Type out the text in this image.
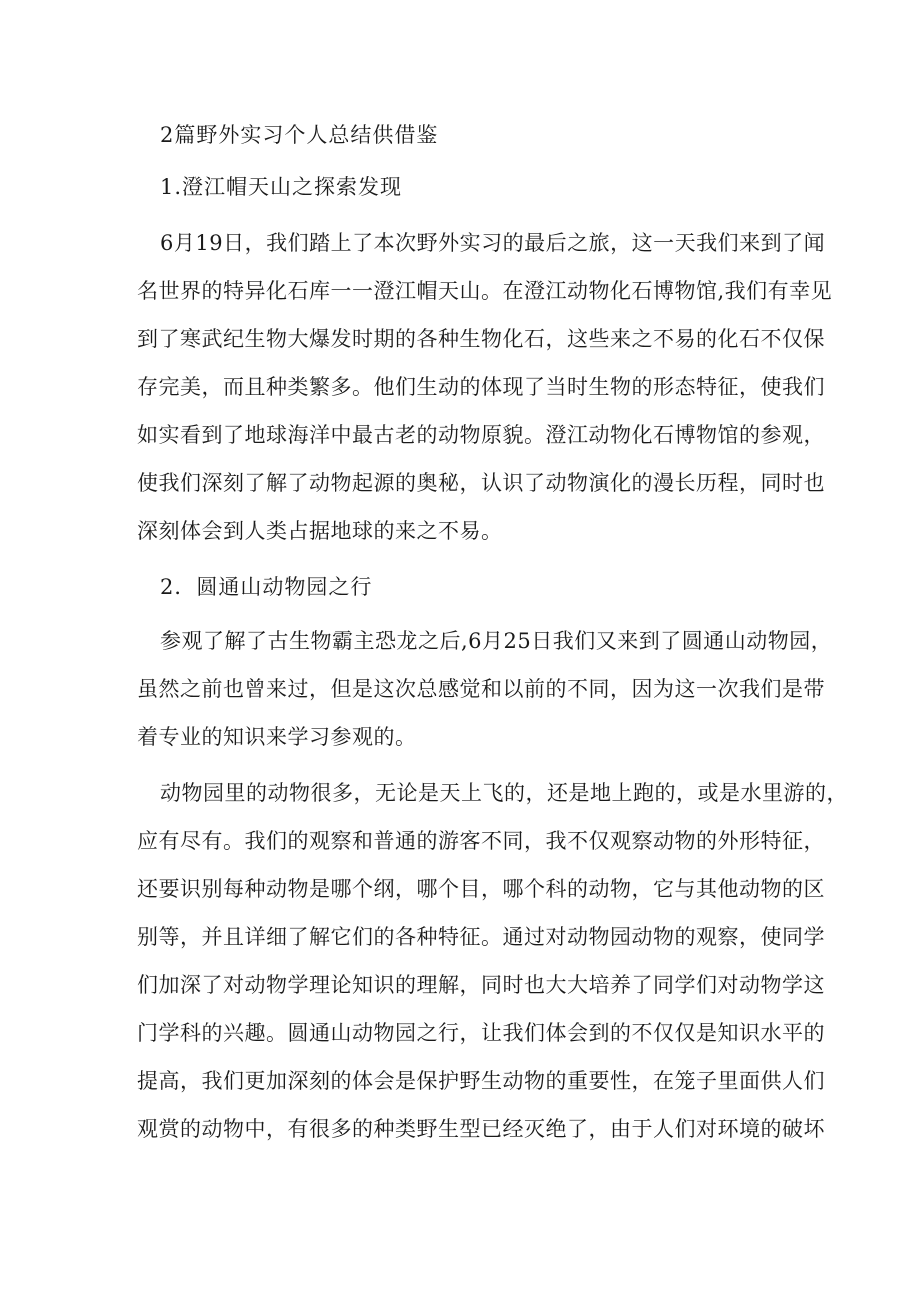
2篇野外实习个人总结供借鉴
1.澄江帽天山之探索发现
6月19日，我们踏上了本次野外实习的最后之旅，这一天我们来到了闻
名世界的特异化石库一一澄江帽天山。在澄江动物化石博物馆,我们有幸见
到了寒武纪生物大爆发时期的各种生物化石，这些来之不易的化石不仅保
存完美，而且种类繁多。他们生动的体现了当时生物的形态特征，使我们
如实看到了地球海洋中最古老的动物原貌。澄江动物化石博物馆的参观，
使我们深刻了解了动物起源的奥秘，认识了动物演化的漫长历程，同时也
深刻体会到人类占据地球的来之不易。
2．圆通山动物园之行
参观了解了古生物霸主恐龙之后,6月25日我们又来到了圆通山动物园，
虽然之前也曾来过，但是这次总感觉和以前的不同，因为这一次我们是带
着专业的知识来学习参观的。
动物园里的动物很多，无论是天上飞的，还是地上跑的，或是水里游的，
应有尽有。我们的观察和普通的游客不同，我不仅观察动物的外形特征，
还要识别每种动物是哪个纲，哪个目，哪个科的动物，它与其他动物的区
别等，并且详细了解它们的各种特征。通过对动物园动物的观察，使同学
们加深了对动物学理论知识的理解，同时也大大培养了同学们对动物学这
门学科的兴趣。圆通山动物园之行，让我们体会到的不仅仅是知识水平的
提高，我们更加深刻的体会是保护野生动物的重要性，在笼子里面供人们
观赏的动物中，有很多的种类野生型已经灭绝了，由于人们对环境的破坏
